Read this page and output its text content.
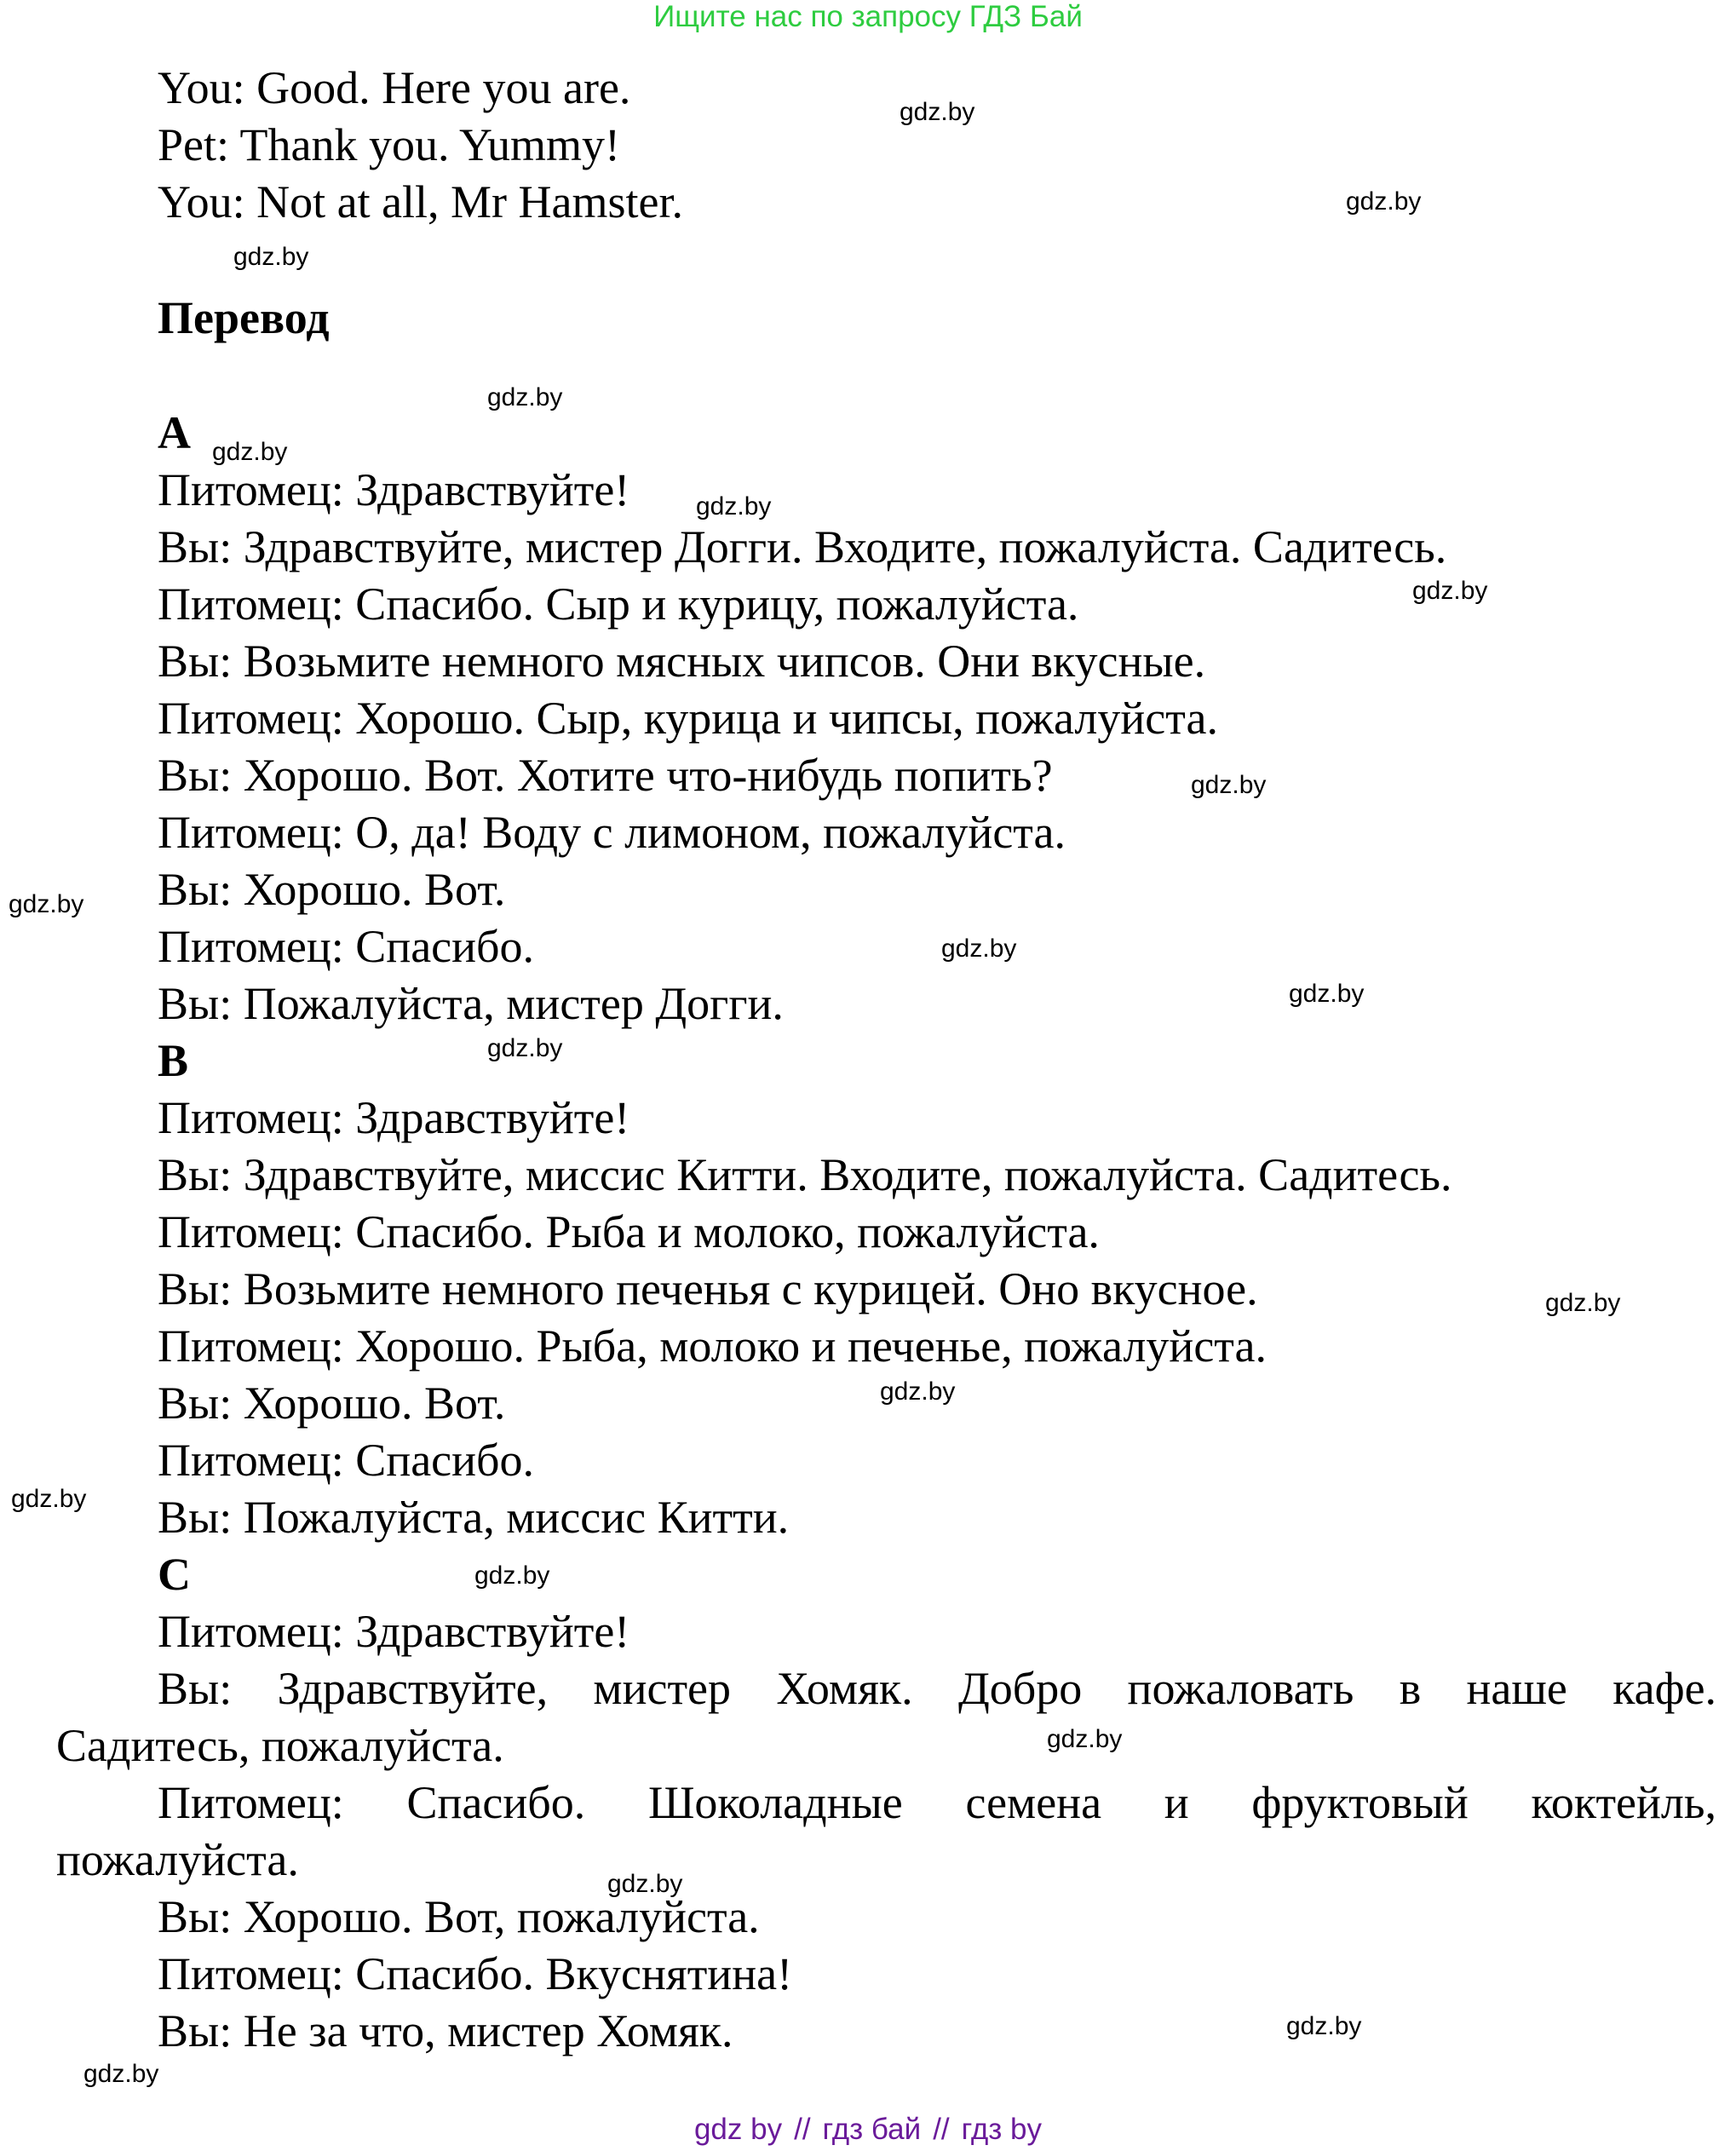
Ищите нас по запросу ГДЗ Бай
You: Good. Here you are.
Pet: Thank you. Yummy!
You: Not at all, Mr Hamster.
Перевод
A
Питомец: Здравствуйте!
Вы: Здравствуйте, мистер Догги. Входите, пожалуйста. Садитесь.
Питомец: Спасибо. Сыр и курицу, пожалуйста.
Вы: Возьмите немного мясных чипсов. Они вкусные.
Питомец: Хорошо. Сыр, курица и чипсы, пожалуйста.
Вы: Хорошо. Вот. Хотите что-нибудь попить?
Питомец: О, да! Воду с лимоном, пожалуйста.
Вы: Хорошо. Вот.
Питомец: Спасибо.
Вы: Пожалуйста, мистер Догги.
B
Питомец: Здравствуйте!
Вы: Здравствуйте, миссис Китти. Входите, пожалуйста. Садитесь.
Питомец: Спасибо. Рыба и молоко, пожалуйста.
Вы: Возьмите немного печенья с курицей. Оно вкусное.
Питомец: Хорошо. Рыба, молоко и печенье, пожалуйста.
Вы: Хорошо. Вот.
Питомец: Спасибо.
Вы: Пожалуйста, миссис Китти.
C
Питомец: Здравствуйте!
Вы: Здравствуйте, мистер Хомяк. Добро пожаловать в наше кафе.
Садитесь, пожалуйста.
Питомец: Спасибо. Шоколадные семена и фруктовый коктейль,
пожалуйста.
Вы: Хорошо. Вот, пожалуйста.
Питомец: Спасибо. Вкуснятина!
Вы: Не за что, мистер Хомяк.
gdz.by
gdz.by
gdz.by
gdz.by
gdz.by
gdz.by
gdz.by
gdz.by
gdz.by
gdz.by
gdz.by
gdz.by
gdz.by
gdz.by
gdz.by
gdz.by
gdz.by
gdz.by
gdz.by
gdz.by
gdz by // гдз бай // гдз by
